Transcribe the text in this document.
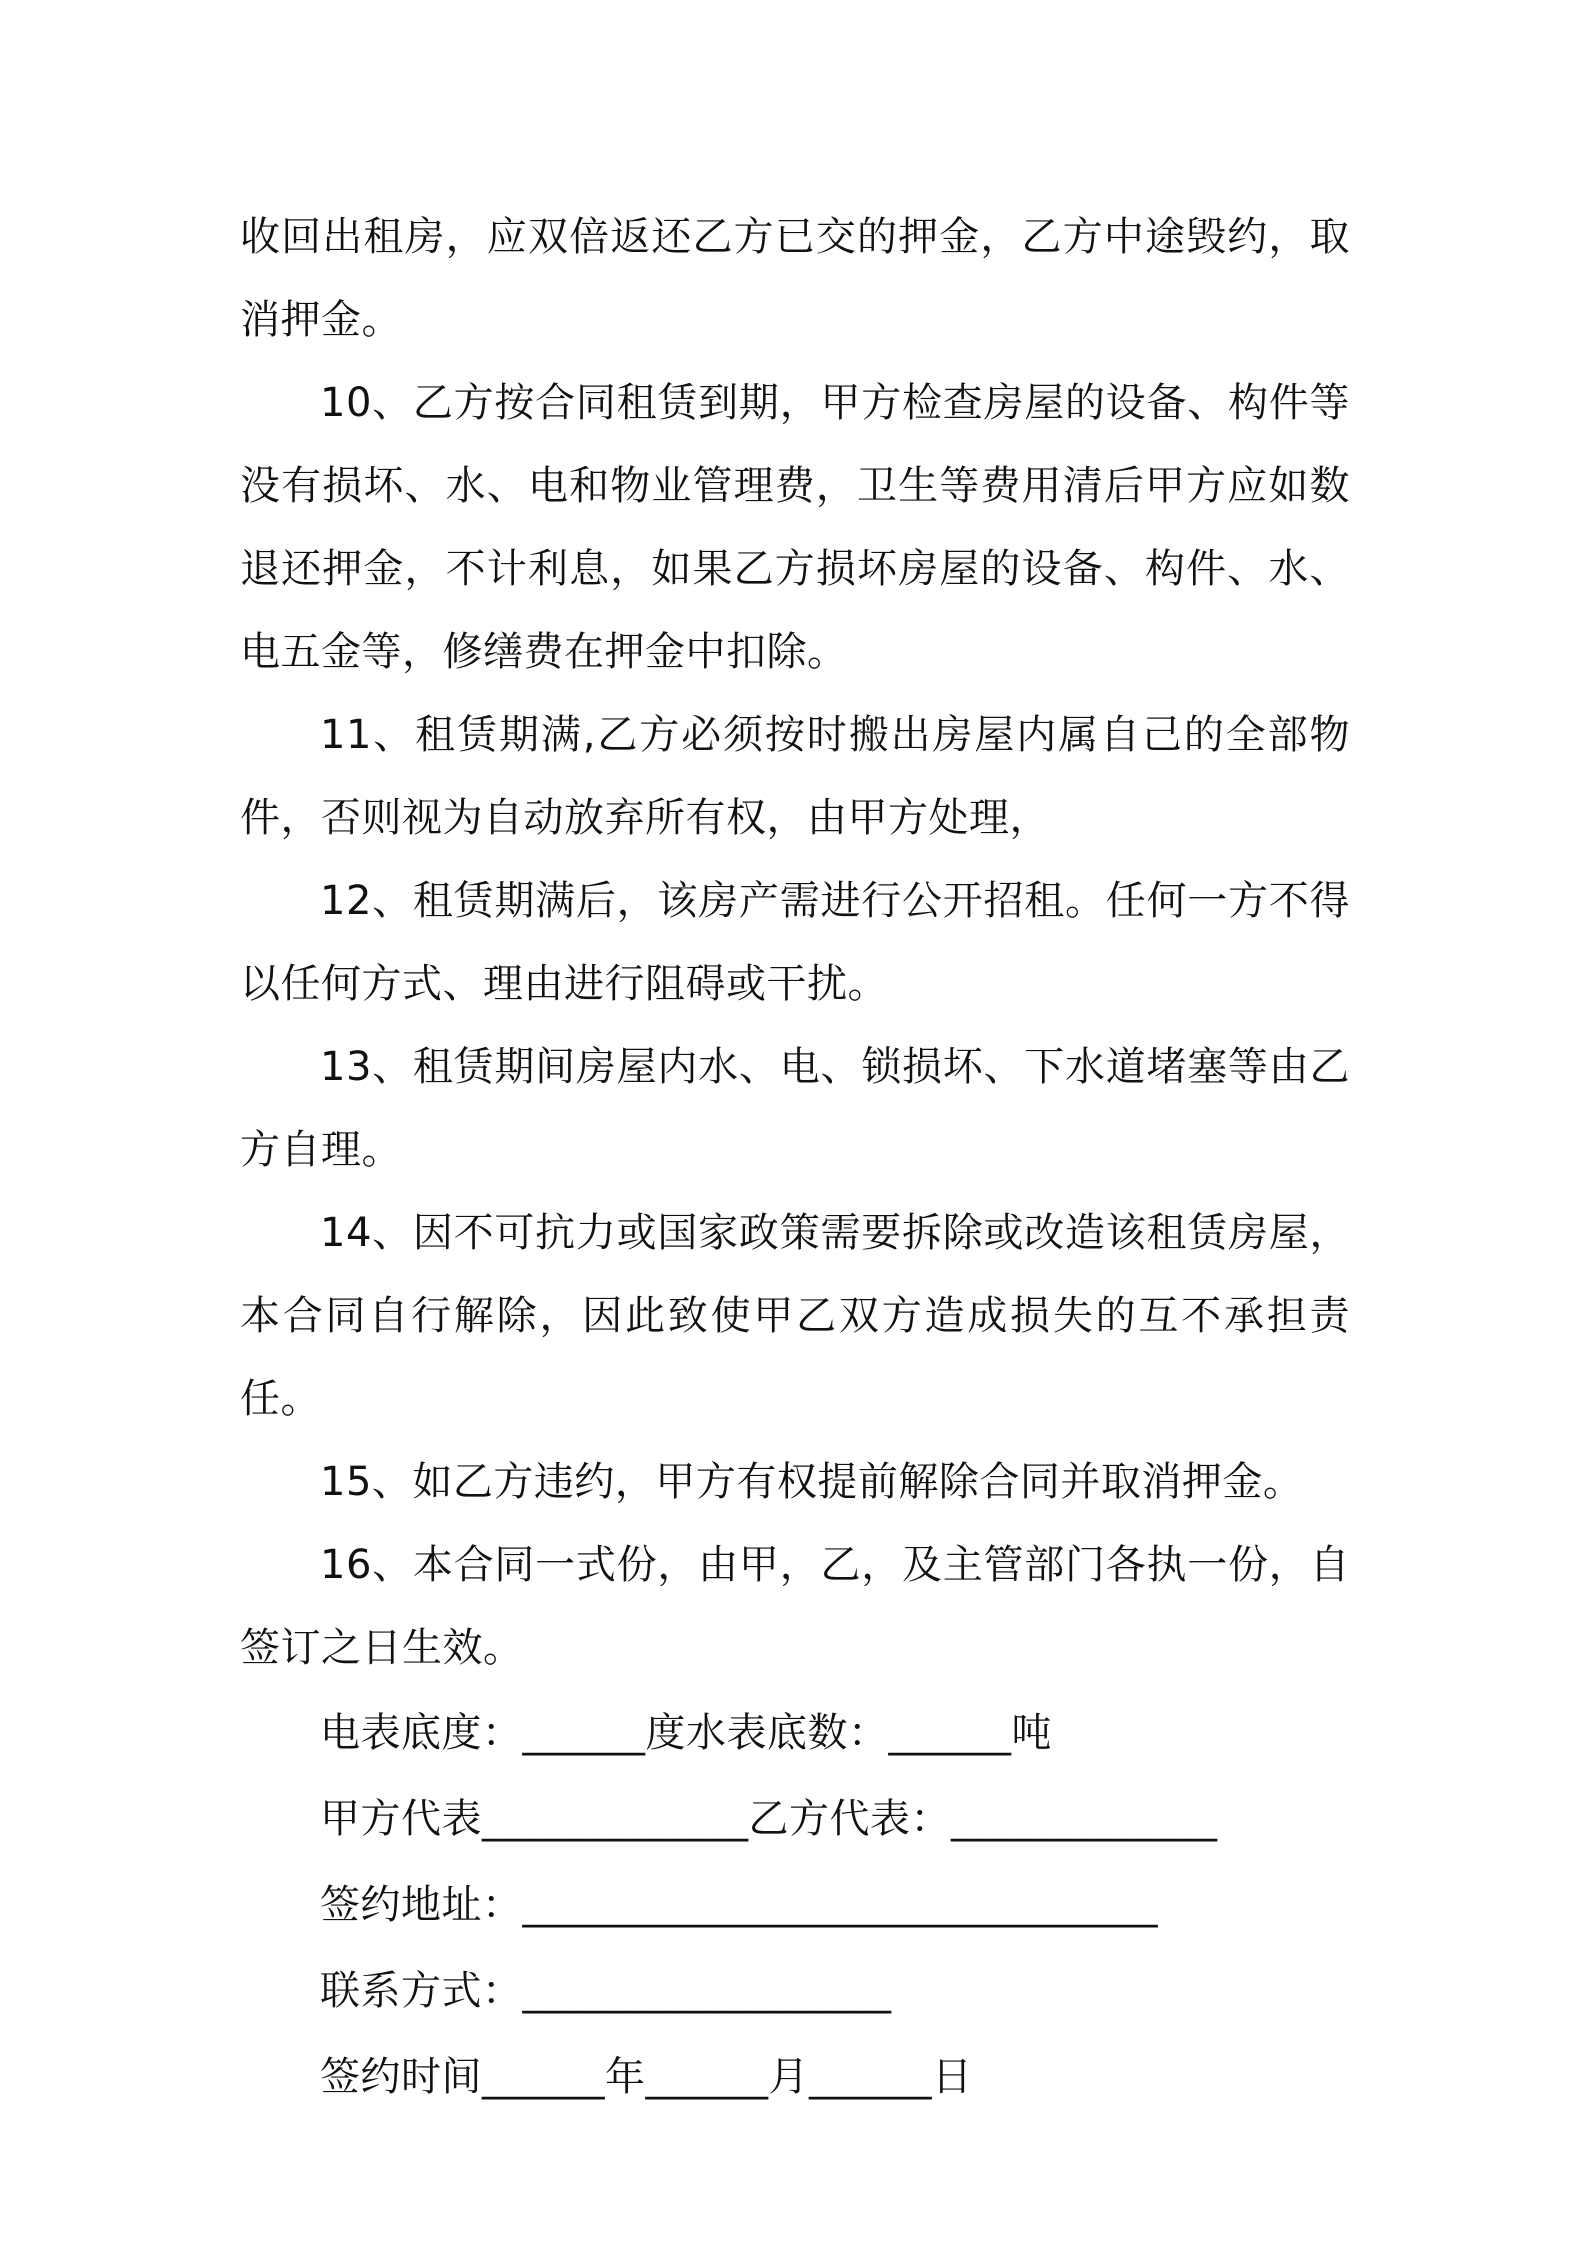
收回出租房，应双倍返还乙方已交的押金，乙方中途毁约，取消押金。

10、乙方按合同租赁到期，甲方检查房屋的设备、构件等没有损坏、水、电和物业管理费，卫生等费用清后甲方应如数退还押金，不计利息，如果乙方损坏房屋的设备、构件、水、电五金等，修缮费在押金中扣除。

11、租赁期满,乙方必须按时搬出房屋内属自己的全部物件，否则视为自动放弃所有权，由甲方处理，

12、租赁期满后，该房产需进行公开招租。任何一方不得以任何方式、理由进行阻碍或干扰。

13、租赁期间房屋内水、电、锁损坏、下水道堵塞等由乙方自理。

14、因不可抗力或国家政策需要拆除或改造该租赁房屋，本合同自行解除，因此致使甲乙双方造成损失的互不承担责任。

15、如乙方违约，甲方有权提前解除合同并取消押金。

16、本合同一式份，由甲，乙，及主管部门各执一份，自签订之日生效。

电表底度：______度水表底数：______吨

甲方代表_____________乙方代表：_____________

签约地址：_______________________________

联系方式：__________________

签约时间______年______月______日
